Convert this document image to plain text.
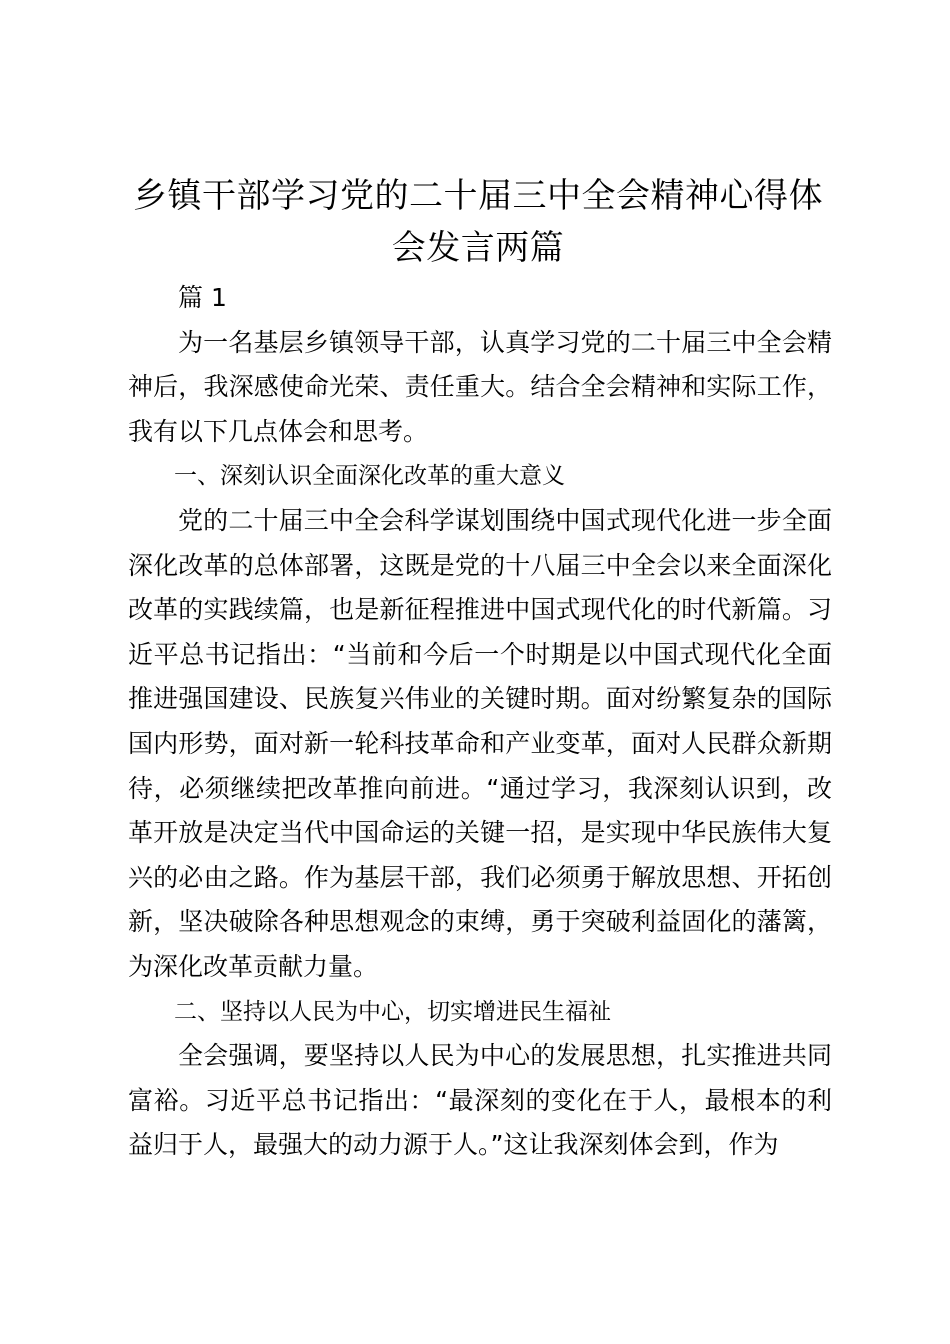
乡镇干部学习党的二十届三中全会精神心得体会发言两篇

篇 1

为一名基层乡镇领导干部，认真学习党的二十届三中全会精神后，我深感使命光荣、责任重大。结合全会精神和实际工作，我有以下几点体会和思考。

一、深刻认识全面深化改革的重大意义

党的二十届三中全会科学谋划围绕中国式现代化进一步全面深化改革的总体部署，这既是党的十八届三中全会以来全面深化改革的实践续篇，也是新征程推进中国式现代化的时代新篇。习近平总书记指出：“当前和今后一个时期是以中国式现代化全面推进强国建设、民族复兴伟业的关键时期。面对纷繁复杂的国际国内形势，面对新一轮科技革命和产业变革，面对人民群众新期待，必须继续把改革推向前进。“通过学习，我深刻认识到，改革开放是决定当代中国命运的关键一招，是实现中华民族伟大复兴的必由之路。作为基层干部，我们必须勇于解放思想、开拓创新，坚决破除各种思想观念的束缚，勇于突破利益固化的藩篱，为深化改革贡献力量。

二、坚持以人民为中心，切实增进民生福祉

全会强调，要坚持以人民为中心的发展思想，扎实推进共同富裕。习近平总书记指出：“最深刻的变化在于人，最根本的利益归于人，最强大的动力源于人。”这让我深刻体会到，作为
